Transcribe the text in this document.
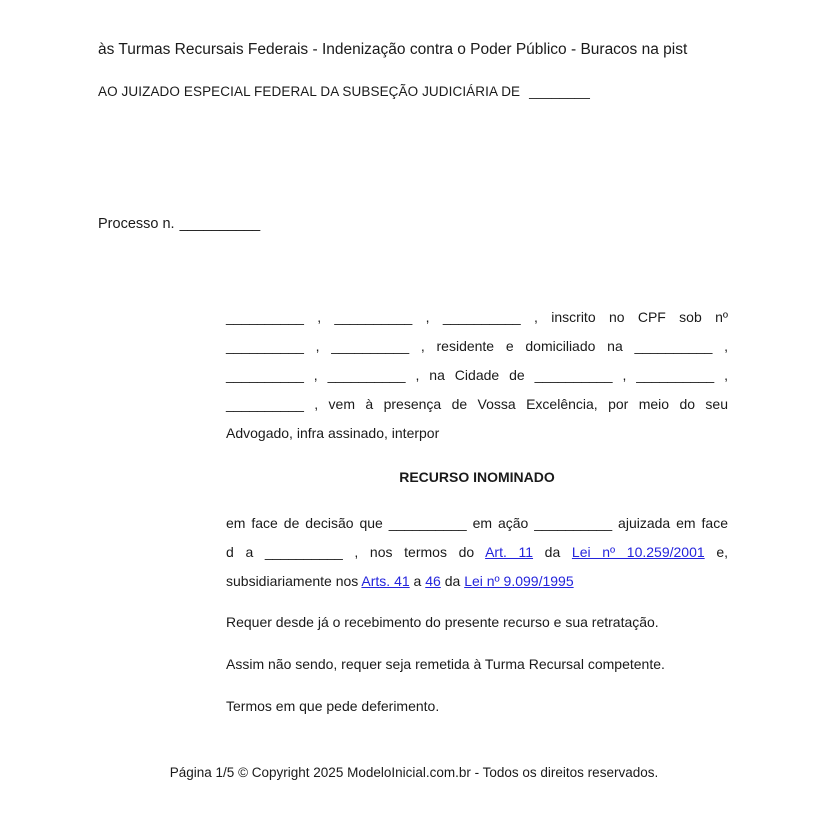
às Turmas Recursais Federais - Indenização contra o Poder Público - Buracos na pist
AO JUIZADO ESPECIAL FEDERAL DA SUBSEÇÃO JUDICIÁRIA DE ________
Processo n. __________
__________ , __________ , __________ , inscrito no CPF sob nº
__________ , __________ , residente e domiciliado na __________ ,
__________ , __________ , na Cidade de __________ , __________ ,
__________ , vem à presença de Vossa Excelência, por meio do seu
Advogado, infra assinado, interpor
RECURSO INOMINADO
em face de decisão que __________ em ação __________ ajuizada em face
d a __________ , nos termos do Art. 11 da Lei nº 10.259/2001 e,
subsidiariamente nos Arts. 41 a 46 da Lei nº 9.099/1995
Requer desde já o recebimento do presente recurso e sua retratação.
Assim não sendo, requer seja remetida à Turma Recursal competente.
Termos em que pede deferimento.
Página 1/5 © Copyright 2025 ModeloInicial.com.br - Todos os direitos reservados.
